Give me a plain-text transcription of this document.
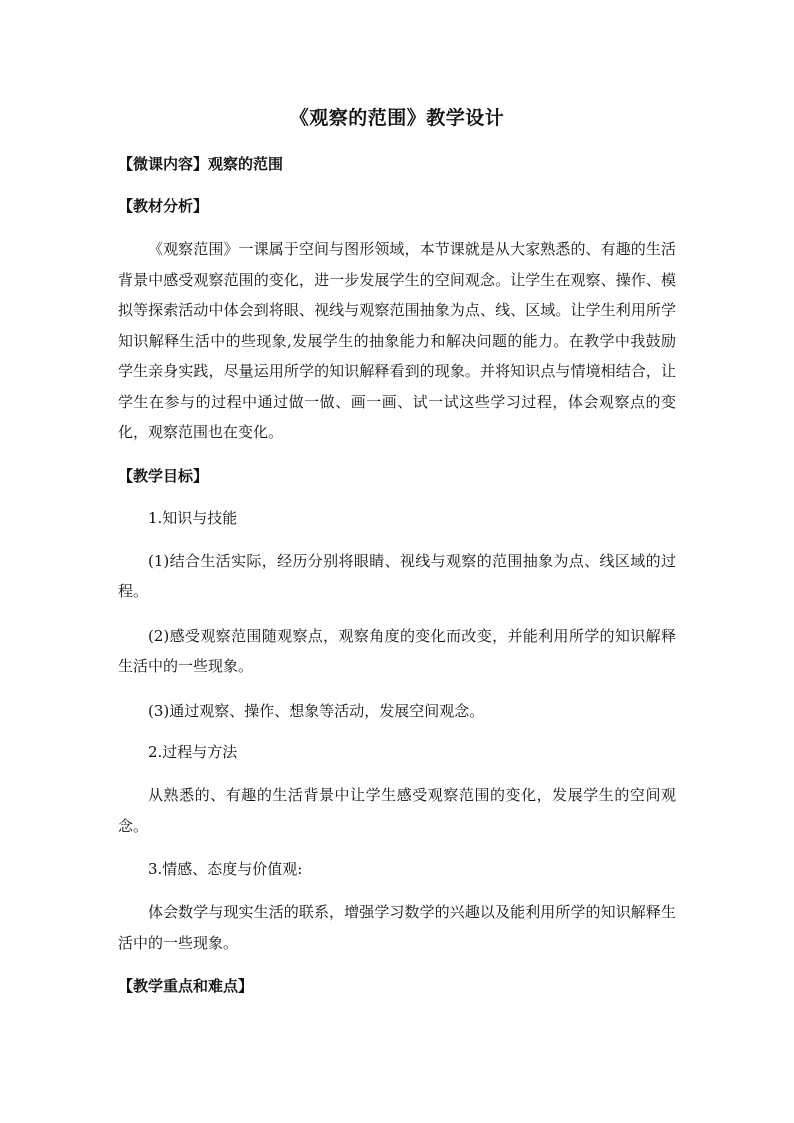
《观察的范围》教学设计
【微课内容】观察的范围
【教材分析】

《观察范围》一课属于空间与图形领域，本节课就是从大家熟悉的、有趣的生活背景中感受观察范围的变化，进一步发展学生的空间观念。让学生在观察、操作、模拟等探索活动中体会到将眼、视线与观察范围抽象为点、线、区域。让学生利用所学知识解释生活中的些现象,发展学生的抽象能力和解决问题的能力。在教学中我鼓励学生亲身实践，尽量运用所学的知识解释看到的现象。并将知识点与情境相结合，让学生在参与的过程中通过做一做、画一画、试一试这些学习过程，体会观察点的变化，观察范围也在变化。

【教学目标】
1.知识与技能

(1)结合生活实际，经历分别将眼睛、视线与观察的范围抽象为点、线区域的过程。

(2)感受观察范围随观察点，观察角度的变化而改变，并能利用所学的知识解释生活中的一些现象。

(3)通过观察、操作、想象等活动，发展空间观念。

2.过程与方法

从熟悉的、有趣的生活背景中让学生感受观察范围的变化，发展学生的空间观念。

3.情感、态度与价值观:

体会数学与现实生活的联系，增强学习数学的兴趣以及能利用所学的知识解释生活中的一些现象。

【教学重点和难点】
